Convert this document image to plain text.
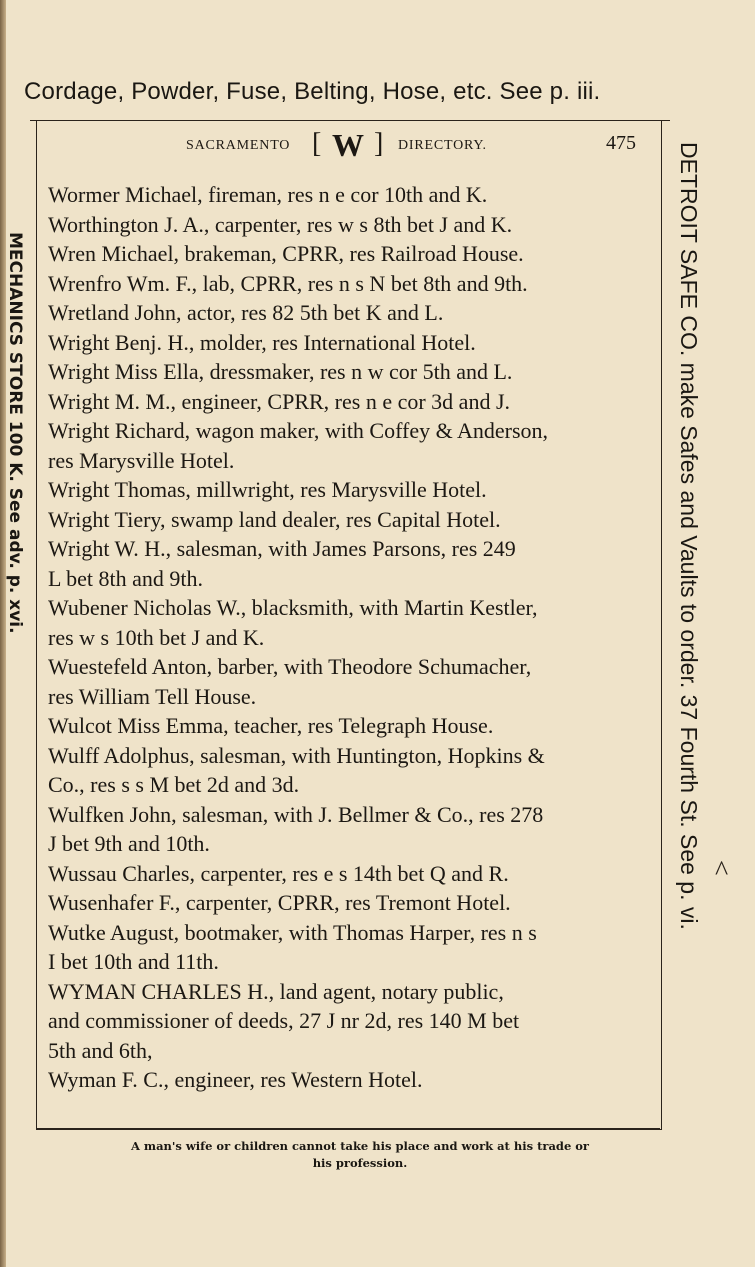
Cordage, Powder, Fuse, Belting, Hose, etc. See p. iii.
MECHANICS STORE 100 K. See adv. p. xvi.	DETROIT SAFE CO. make Safes and Vaults to order. 37 Fourth St. See p. vi. ^
SACRAMENTO [ W ] DIRECTORY.	475
Wormer Michael, fireman, res n e cor 10th and K.
Worthington J. A., carpenter, res w s 8th bet J and K.
Wren Michael, brakeman, CPRR, res Railroad House.
Wrenfro Wm. F., lab, CPRR, res n s N bet 8th and 9th.
Wretland John, actor, res 82 5th bet K and L.
Wright Benj. H., molder, res International Hotel.
Wright Miss Ella, dressmaker, res n w cor 5th and L.
Wright M. M., engineer, CPRR, res n e cor 3d and J.
Wright Richard, wagon maker, with Coffey & Anderson,
res Marysville Hotel.
Wright Thomas, millwright, res Marysville Hotel.
Wright Tiery, swamp land dealer, res Capital Hotel.
Wright W. H., salesman, with James Parsons, res 249
L bet 8th and 9th.
Wubener Nicholas W., blacksmith, with Martin Kestler,
res w s 10th bet J and K.
Wuestefeld Anton, barber, with Theodore Schumacher,
res William Tell House.
Wulcot Miss Emma, teacher, res Telegraph House.
Wulff Adolphus, salesman, with Huntington, Hopkins &
Co., res s s M bet 2d and 3d.
Wulfken John, salesman, with J. Bellmer & Co., res 278
J bet 9th and 10th.
Wussau Charles, carpenter, res e s 14th bet Q and R.
Wusenhafer F., carpenter, CPRR, res Tremont Hotel.
Wutke August, bootmaker, with Thomas Harper, res n s
I bet 10th and 11th.
WYMAN CHARLES H., land agent, notary public,
and commissioner of deeds, 27 J nr 2d, res 140 M bet
5th and 6th,
Wyman F. C., engineer, res Western Hotel.
A man's wife or children cannot take his place and work at his trade or
his profession.
